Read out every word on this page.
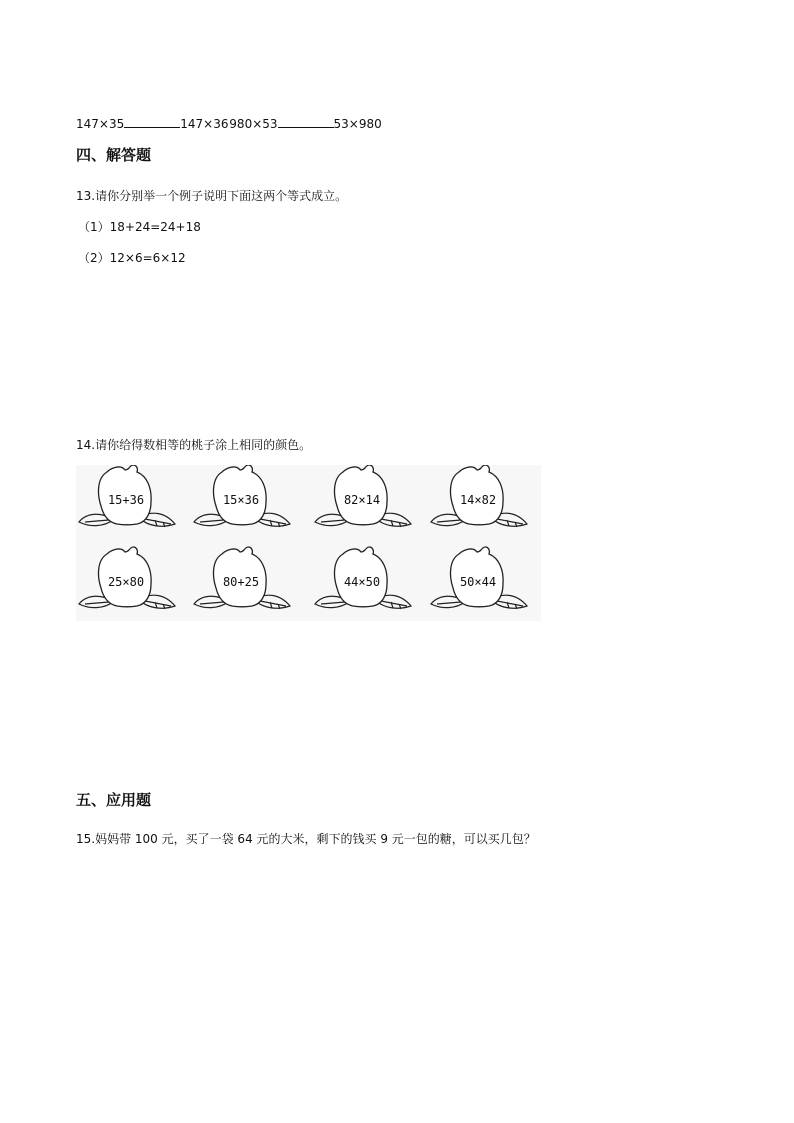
147×35	147×36 980×53	53×980
四、解答题
13.请你分别举一个例子说明下面这两个等式成立。
（1）18+24=24+18
（2）12×6=6×12
14.请你给得数相等的桃子涂上相同的颜色。
15+36	15×36	82×14	14×82
25×80	80+25	44×50	50×44
五、应用题
15.妈妈带 100 元，买了一袋 64 元的大米，剩下的钱买 9 元一包的糖，可以买几包？
